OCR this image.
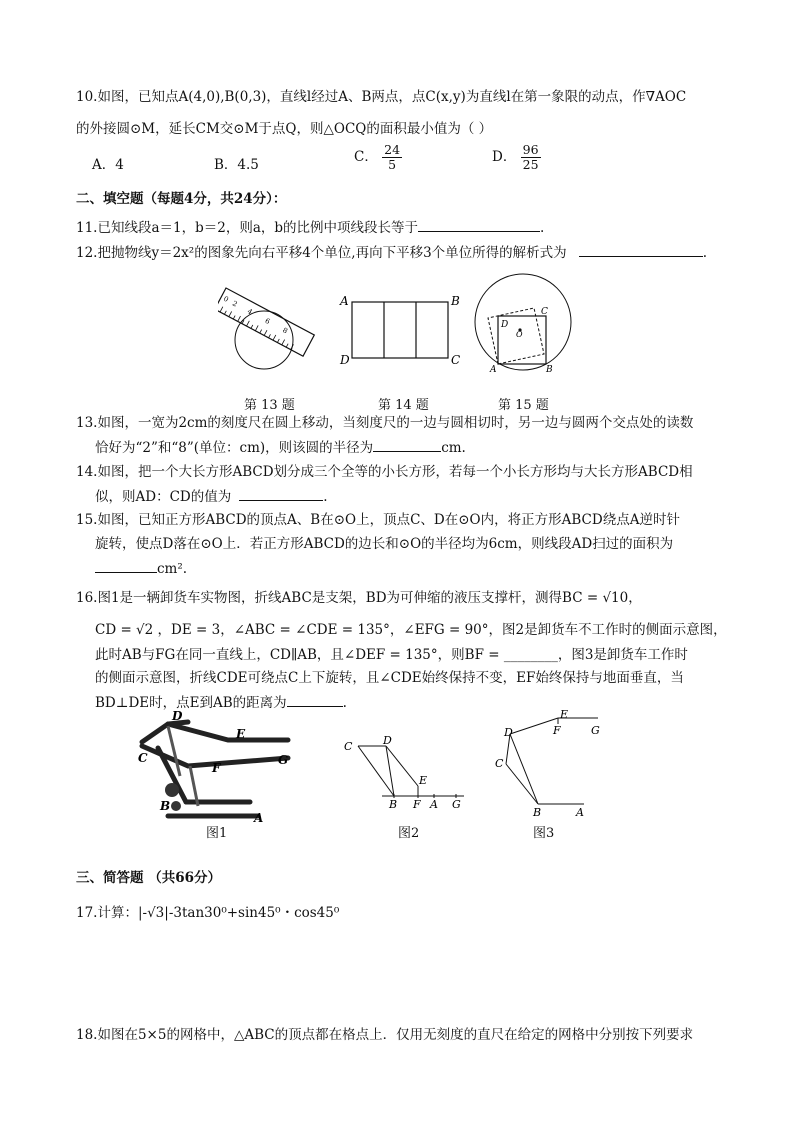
10.如图，已知点A(4,0),B(0,3)，直线l经过A、B两点，点C(x,y)为直线l在第一象限的动点，作∇AOC
的外接圆⊙M，延长CM交⊙M于点Q，则△OCQ的面积最小值为（ ）
A．4	B．4.5	C． $\frac{24}{5}$	D． $\frac{96}{25}$
二、填空题（每题4分，共24分）：
11.已知线段a＝1，b＝2，则a，b的比例中项线段长等于	.
12.把抛物线y＝2x²的图象先向右平移4个单位,再向下平移3个单位所得的解析式为	.
0
2
4
6
8
A	B
C
D
A	B
C
D
O
第 13 题	第 14 题	第 15 题
13.如图，一宽为2cm的刻度尺在圆上移动，当刻度尺的一边与圆相切时，另一边与圆两个交点处的读数
恰好为“2”和“8”(单位：cm)，则该圆的半径为	cm.
14.如图，把一个大长方形ABCD划分成三个全等的小长方形，若每一个小长方形均与大长方形ABCD相
似，则AD：CD的值为	.
15.如图，已知正方形ABCD的顶点A、B在⊙O上，顶点C、D在⊙O内，将正方形ABCD绕点A逆时针
旋转，使点D落在⊙O上．若正方形ABCD的边长和⊙O的半径均为6cm，则线段AD扫过的面积为
cm².
16.图1是一辆卸货车实物图，折线ABC是支架，BD为可伸缩的液压支撑杆，测得BC = √10，
CD = √2 ，DE = 3，∠ABC = ∠CDE = 135°，∠EFG = 90°，图2是卸货车不工作时的侧面示意图，
此时AB与FG在同一直线上，CD∥AB，且∠DEF = 135°，则BF = ________，图3是卸货车工作时
的侧面示意图，折线CDE可绕点C上下旋转，且∠CDE始终保持不变，EF始终保持与地面垂直，当
BD⊥DE时，点E到AB的距离为	.
D
E
C
F
G
B
A
C	D
E
B F A G
E
D	F	G
C
B	A
图1	图2	图3
三、简答题 （共66分）
17.计算：|-√3|-3tan30⁰+sin45⁰・cos45⁰
18.如图在5×5的网格中，△ABC的顶点都在格点上．仅用无刻度的直尺在给定的网格中分别按下列要求
